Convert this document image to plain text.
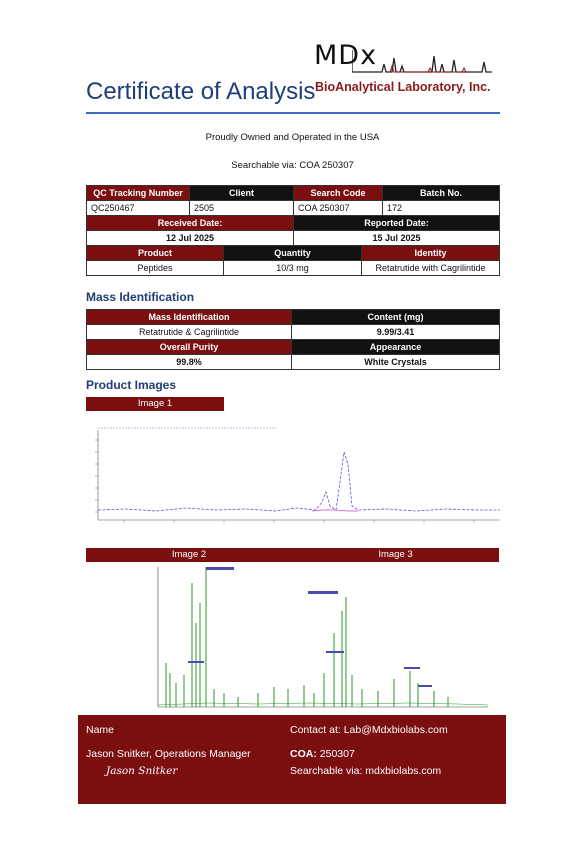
MDx
BioAnalytical Laboratory, Inc.
Certificate of Analysis
Proudly Owned and Operated in the USA
Searchable via: COA 250307
QC Tracking Number	Client	Search Code	Batch No.
QC250467	2505	COA 250307	172
Received Date:		Reported Date:	
12 Jul 2025		15 Jul 2025	
Product	Quantity	Identity
Peptides	10/3 mg	Retatrutide with Cagrilintide
Mass Identification
Mass Identification	Content (mg)
Retatrutide & Cagrilintide	9.99/3.41
Overall Purity	Appearance
99.8%	White Crystals
Product Images
Image 1
Image 2	Image 3
Name	Contact at: Lab@Mdxbiolabs.com
Jason Snitker, Operations Manager	COA: 250307
Searchable via: mdxbiolabs.com
Jason Snitker
